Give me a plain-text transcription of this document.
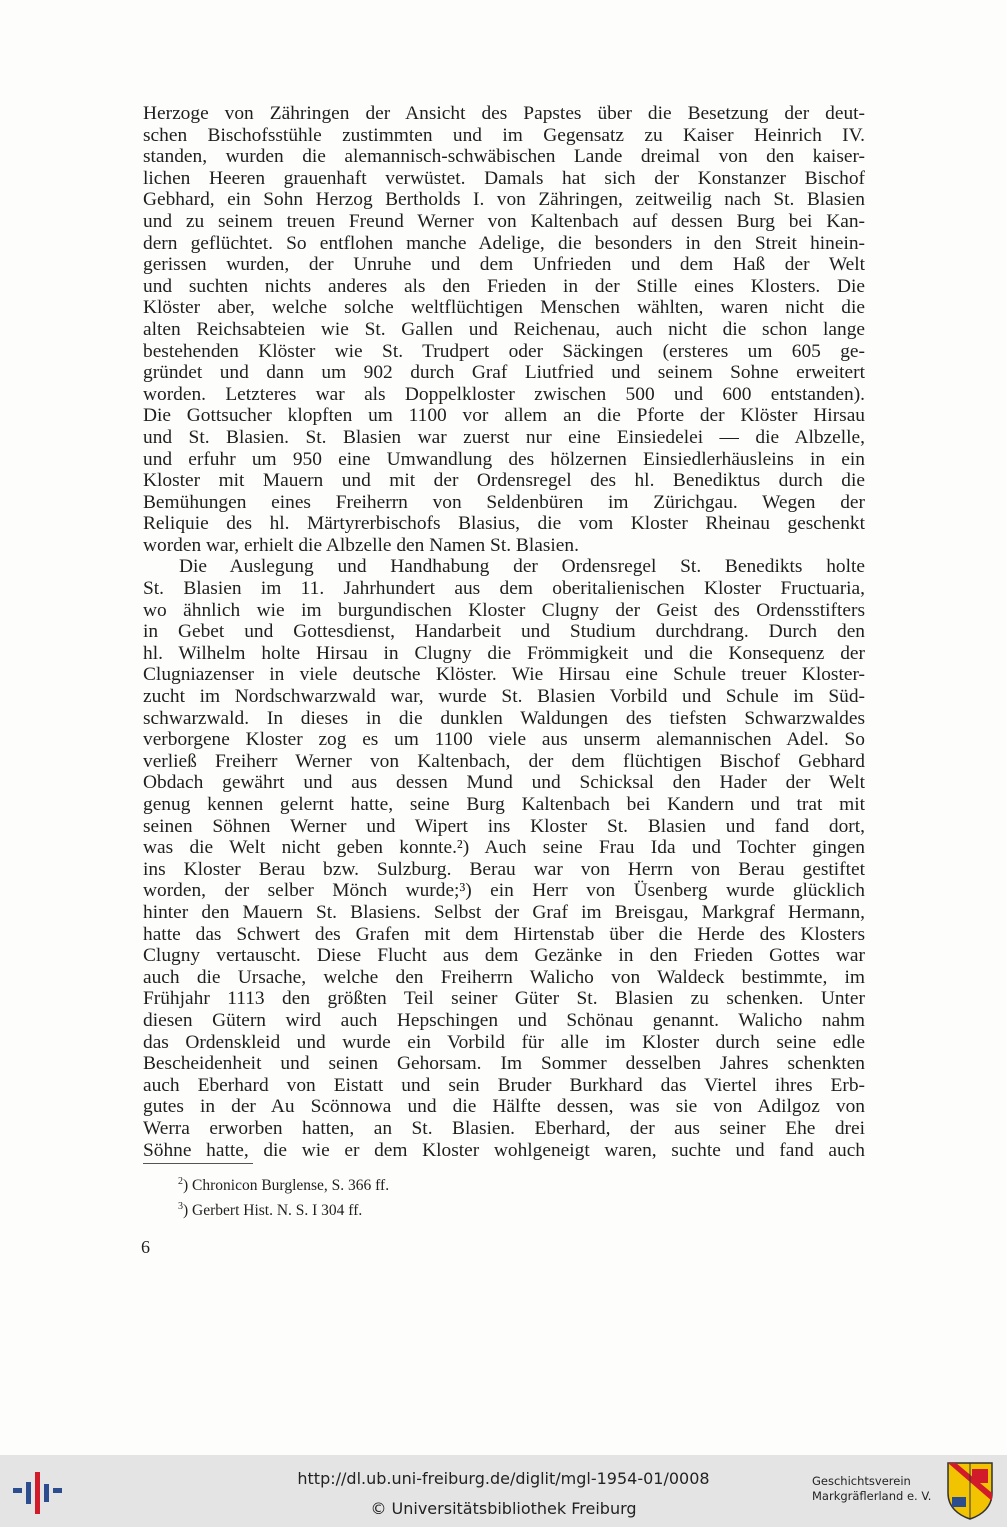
Herzoge von Zähringen der Ansicht des Papstes über die Besetzung der deut-
schen Bischofsstühle zustimmten und im Gegensatz zu Kaiser Heinrich IV.
standen, wurden die alemannisch-schwäbischen Lande dreimal von den kaiser-
lichen Heeren grauenhaft verwüstet. Damals hat sich der Konstanzer Bischof
Gebhard, ein Sohn Herzog Bertholds I. von Zähringen, zeitweilig nach St. Blasien
und zu seinem treuen Freund Werner von Kaltenbach auf dessen Burg bei Kan-
dern geflüchtet. So entflohen manche Adelige, die besonders in den Streit hinein-
gerissen wurden, der Unruhe und dem Unfrieden und dem Haß der Welt
und suchten nichts anderes als den Frieden in der Stille eines Klosters. Die
Klöster aber, welche solche weltflüchtigen Menschen wählten, waren nicht die
alten Reichsabteien wie St. Gallen und Reichenau, auch nicht die schon lange
bestehenden Klöster wie St. Trudpert oder Säckingen (ersteres um 605 ge-
gründet und dann um 902 durch Graf Liutfried und seinem Sohne erweitert
worden. Letzteres war als Doppelkloster zwischen 500 und 600 entstanden).
Die Gottsucher klopften um 1100 vor allem an die Pforte der Klöster Hirsau
und St. Blasien. St. Blasien war zuerst nur eine Einsiedelei — die Albzelle,
und erfuhr um 950 eine Umwandlung des hölzernen Einsiedlerhäusleins in ein
Kloster mit Mauern und mit der Ordensregel des hl. Benediktus durch die
Bemühungen eines Freiherrn von Seldenbüren im Zürichgau. Wegen der
Reliquie des hl. Märtyrerbischofs Blasius, die vom Kloster Rheinau geschenkt
worden war, erhielt die Albzelle den Namen St. Blasien.
Die Auslegung und Handhabung der Ordensregel St. Benedikts holte
St. Blasien im 11. Jahrhundert aus dem oberitalienischen Kloster Fructuaria,
wo ähnlich wie im burgundischen Kloster Clugny der Geist des Ordensstifters
in Gebet und Gottesdienst, Handarbeit und Studium durchdrang. Durch den
hl. Wilhelm holte Hirsau in Clugny die Frömmigkeit und die Konsequenz der
Clugniazenser in viele deutsche Klöster. Wie Hirsau eine Schule treuer Kloster-
zucht im Nordschwarzwald war, wurde St. Blasien Vorbild und Schule im Süd-
schwarzwald. In dieses in die dunklen Waldungen des tiefsten Schwarzwaldes
verborgene Kloster zog es um 1100 viele aus unserm alemannischen Adel. So
verließ Freiherr Werner von Kaltenbach, der dem flüchtigen Bischof Gebhard
Obdach gewährt und aus dessen Mund und Schicksal den Hader der Welt
genug kennen gelernt hatte, seine Burg Kaltenbach bei Kandern und trat mit
seinen Söhnen Werner und Wipert ins Kloster St. Blasien und fand dort,
was die Welt nicht geben konnte.²) Auch seine Frau Ida und Tochter gingen
ins Kloster Berau bzw. Sulzburg. Berau war von Herrn von Berau gestiftet
worden, der selber Mönch wurde;³) ein Herr von Üsenberg wurde glücklich
hinter den Mauern St. Blasiens. Selbst der Graf im Breisgau, Markgraf Hermann,
hatte das Schwert des Grafen mit dem Hirtenstab über die Herde des Klosters
Clugny vertauscht. Diese Flucht aus dem Gezänke in den Frieden Gottes war
auch die Ursache, welche den Freiherrn Walicho von Waldeck bestimmte, im
Frühjahr 1113 den größten Teil seiner Güter St. Blasien zu schenken. Unter
diesen Gütern wird auch Hepschingen und Schönau genannt. Walicho nahm
das Ordenskleid und wurde ein Vorbild für alle im Kloster durch seine edle
Bescheidenheit und seinen Gehorsam. Im Sommer desselben Jahres schenkten
auch Eberhard von Eistatt und sein Bruder Burkhard das Viertel ihres Erb-
gutes in der Au Scönnowa und die Hälfte dessen, was sie von Adilgoz von
Werra erworben hatten, an St. Blasien. Eberhard, der aus seiner Ehe drei
Söhne hatte, die wie er dem Kloster wohlgeneigt waren, suchte und fand auch
$^2$) Chronicon Burglense, S. 366 ff.
$^3$) Gerbert Hist. N. S. I 304 ff.
6
http://dl.ub.uni-freiburg.de/diglit/mgl-1954-01/0008
© Universitätsbibliothek Freiburg
Geschichtsverein
Markgräflerland e. V.
